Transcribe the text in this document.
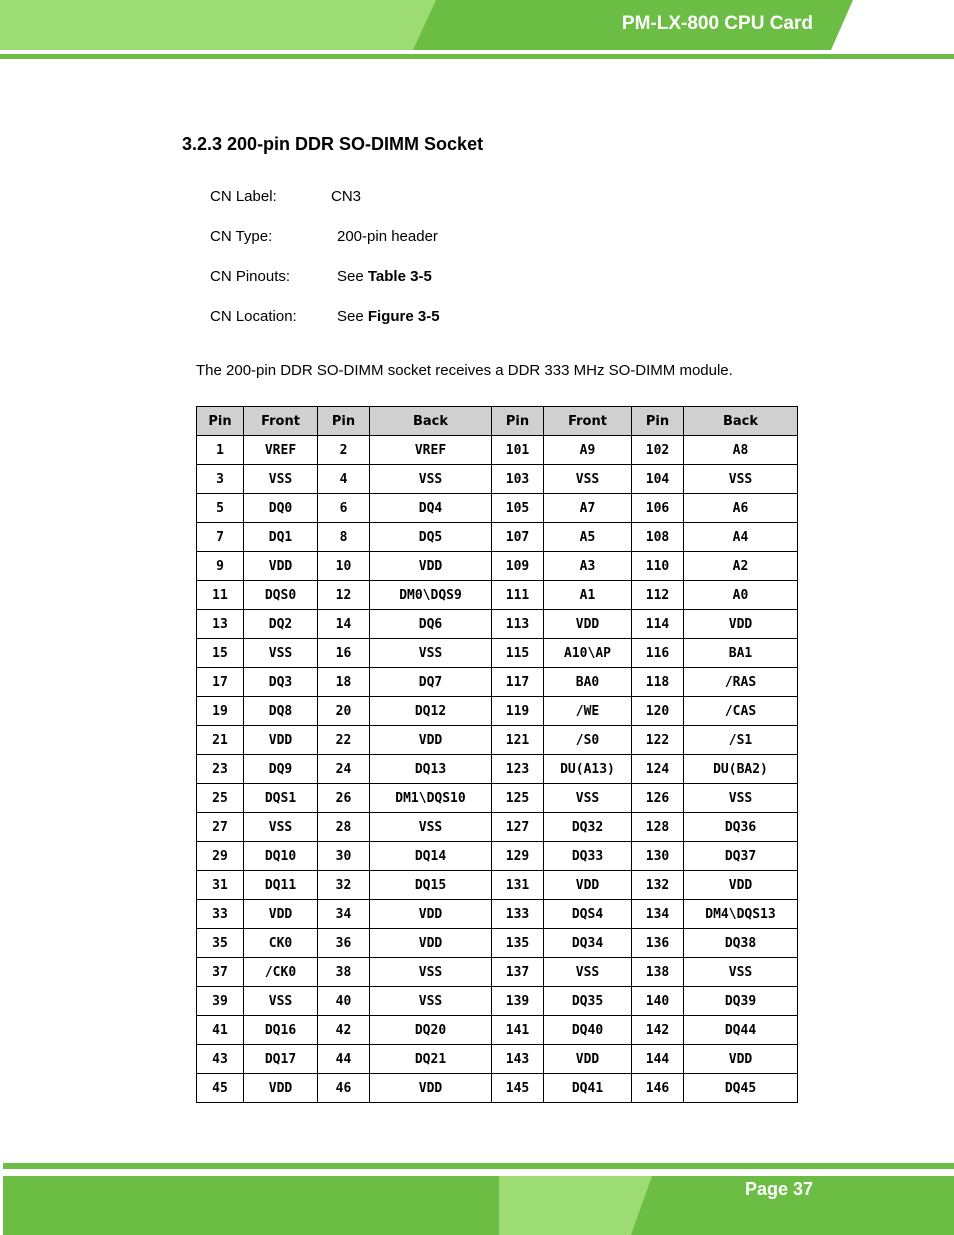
PM-LX-800 CPU Card
3.2.3 200-pin DDR SO-DIMM Socket
CN Label:	CN3
CN Type:	200-pin header
CN Pinouts:	See Table 3-5
CN Location:	See Figure 3-5
The 200-pin DDR SO-DIMM socket receives a DDR 333 MHz SO-DIMM module.
Pin	Front	Pin	Back	Pin	Front	Pin	Back
1	VREF	2	VREF	101	A9	102	A8
3	VSS	4	VSS	103	VSS	104	VSS
5	DQ0	6	DQ4	105	A7	106	A6
7	DQ1	8	DQ5	107	A5	108	A4
9	VDD	10	VDD	109	A3	110	A2
11	DQS0	12	DM0\DQS9	111	A1	112	A0
13	DQ2	14	DQ6	113	VDD	114	VDD
15	VSS	16	VSS	115	A10\AP	116	BA1
17	DQ3	18	DQ7	117	BA0	118	/RAS
19	DQ8	20	DQ12	119	/WE	120	/CAS
21	VDD	22	VDD	121	/S0	122	/S1
23	DQ9	24	DQ13	123	DU(A13)	124	DU(BA2)
25	DQS1	26	DM1\DQS10	125	VSS	126	VSS
27	VSS	28	VSS	127	DQ32	128	DQ36
29	DQ10	30	DQ14	129	DQ33	130	DQ37
31	DQ11	32	DQ15	131	VDD	132	VDD
33	VDD	34	VDD	133	DQS4	134	DM4\DQS13
35	CK0	36	VDD	135	DQ34	136	DQ38
37	/CK0	38	VSS	137	VSS	138	VSS
39	VSS	40	VSS	139	DQ35	140	DQ39
41	DQ16	42	DQ20	141	DQ40	142	DQ44
43	DQ17	44	DQ21	143	VDD	144	VDD
45	VDD	46	VDD	145	DQ41	146	DQ45
Page 37
